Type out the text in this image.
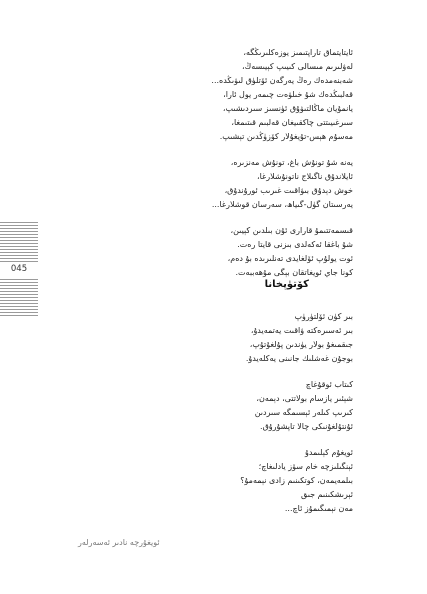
045
ئايتايتماق تاراپتىمىز يوزەكلىرىڭگە،
لەۋلىرىم مىسالى كىيىپ كېيىسەڭ،
شەبنەمدەك رەڭ يەرگەن ئۆتلۈق لىۋىڭدە...
قەلبىڭدەك شۇ خىلۋەت چىمەر يول ئارا،
يانمۇيان ماڭالتىۋۇق ئۈنسىز سىردىشىپ،
سىرغىيىتتى چاكقىيغان قەلبىم قىتىمغا،
مەسۇم ھېس-تۇيغۇلار كۆزۈڭدىن تېشىپ.
يەنە شۇ تونۇش باغ، تونۇش مەنزىرە،
ئايلاندۇق ناگىلاج ناتونۇشلارغا،
خوش دېدۇق بىۋاقىت غىرىب ئورۇندۇق،
يەرسىتان گۈل-گىياھ، سەرسان قوشلارغا...
قىسمەتتىمۇ قارارى ئۇن بىلدىن كېيىن،
شۇ باغقا ئەكەلدى بىزنى قايتا رەت.
ئوت يولۇپ ئۆلغايدى تەنلىرىدە بۇ دەم،
كونا جاي ئويغاتقان بېگى مۇھەببەت.
كۆتۈپخانا
بىر كۈن ئۆلتۈرۈپ
بىر ئەسىرەكتە ۋاقىت يەتمەيدۇ،
جىقمىغۇ بولار يۈندىن پۇلغۇتۇپ،
بوجۇن غەشلىك جانىنى يەكلەيدۇ.
كىتاب ئوقۇغاچ
شېئىر يازسام بولاتتى، دېمەن،
كىرىپ كىلەر ئېسىمگە سىردىن
ئۇنتۇلغۇنىكى چالا تاپشۇرۇق.
ئويغۇم كېلىمدۇ
ئېنگىلىزچە خام سۆز يادلىغاچ؛
بىلمەيمەن، كوتكىنىم زادى نېمەمۇ؟
ئېرىشكىنىم جىق
مەن نېمىگىمۇز ئاچ...
ئويغۇرچە نادىر ئەسەرلەر
